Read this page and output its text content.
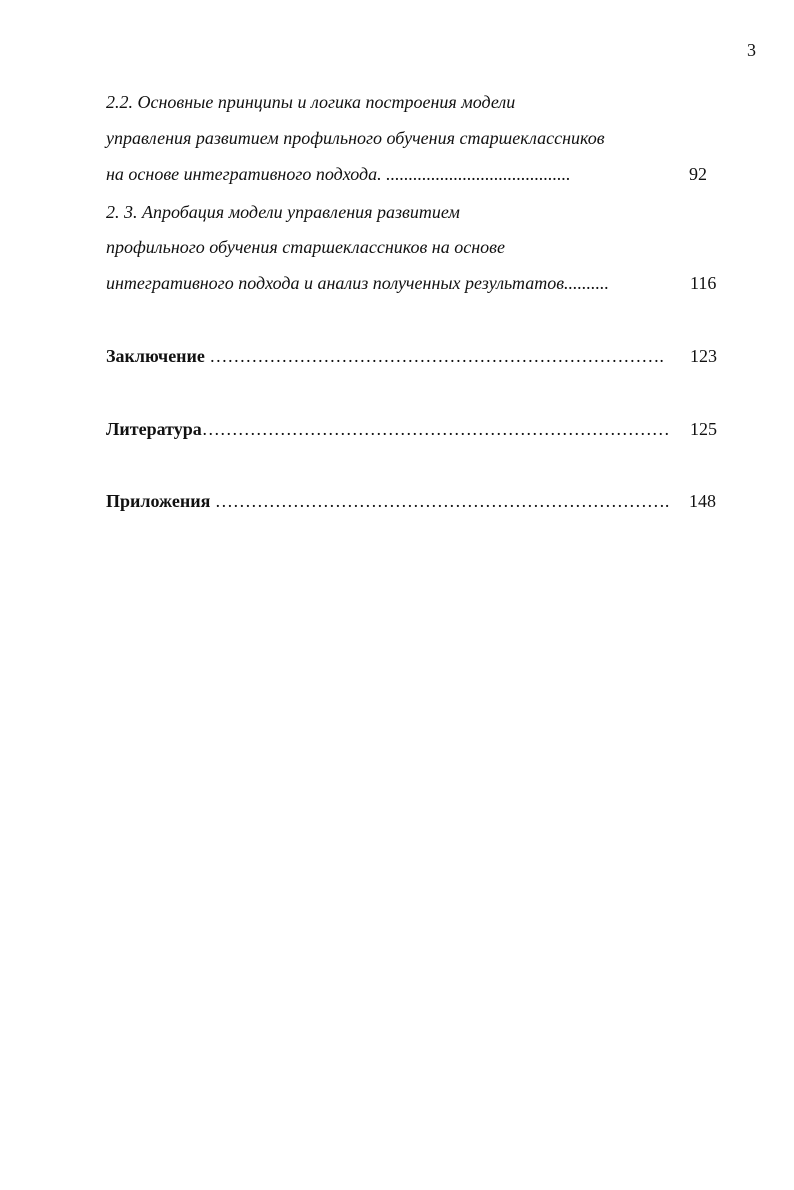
3
2.2. Основные принципы и логика построения модели
управления развитием профильного обучения старшеклассников
на основе интегративного подхода. .........................................	92
2. 3. Апробация модели управления развитием
профильного обучения старшеклассников на основе
интегративного подхода и анализ полученных результатов..........	116
Заключение …………………………………………………………………. 123
Литература…………………………………………………………………… 125
Приложения …………………………………………………………………. 148
